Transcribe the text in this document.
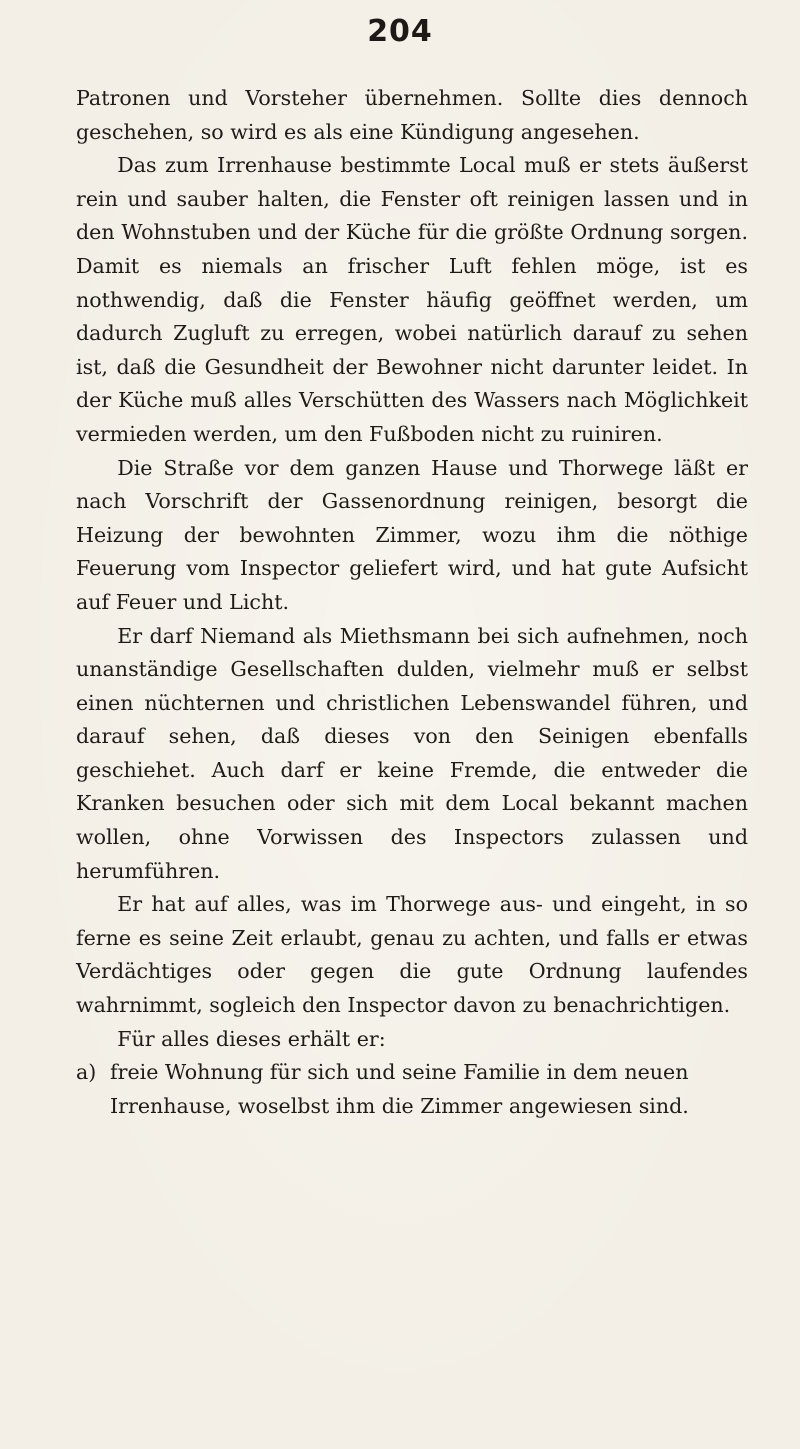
204

Patronen und Vorsteher übernehmen. Sollte dies dennoch geschehen, so wird es als eine Kündigung angesehen.

Das zum Irrenhause bestimmte Local muß er stets äußerst rein und sauber halten, die Fenster oft reinigen lassen und in den Wohnstuben und der Küche für die größte Ordnung sorgen. Damit es niemals an frischer Luft fehlen möge, ist es nothwendig, daß die Fenster häufig geöffnet werden, um dadurch Zugluft zu erregen, wobei natürlich darauf zu sehen ist, daß die Gesundheit der Bewohner nicht darunter leidet. In der Küche muß alles Verschütten des Wassers nach Möglichkeit vermieden werden, um den Fußboden nicht zu ruiniren.

Die Straße vor dem ganzen Hause und Thorwege läßt er nach Vorschrift der Gassenordnung reinigen, besorgt die Heizung der bewohnten Zimmer, wozu ihm die nöthige Feuerung vom Inspector geliefert wird, und hat gute Aufsicht auf Feuer und Licht.

Er darf Niemand als Miethsmann bei sich aufnehmen, noch unanständige Gesellschaften dulden, vielmehr muß er selbst einen nüchternen und christlichen Lebenswandel führen, und darauf sehen, daß dieses von den Seinigen ebenfalls geschiehet. Auch darf er keine Fremde, die entweder die Kranken besuchen oder sich mit dem Local bekannt machen wollen, ohne Vorwissen des Inspectors zulassen und herumführen.

Er hat auf alles, was im Thorwege aus- und eingeht, in so ferne es seine Zeit erlaubt, genau zu achten, und falls er etwas Verdächtiges oder gegen die gute Ordnung laufendes wahrnimmt, sogleich den Inspector davon zu benachrichtigen.

Für alles dieses erhält er:

a) freie Wohnung für sich und seine Familie in dem neuen Irrenhause, woselbst ihm die Zimmer angewiesen sind.
